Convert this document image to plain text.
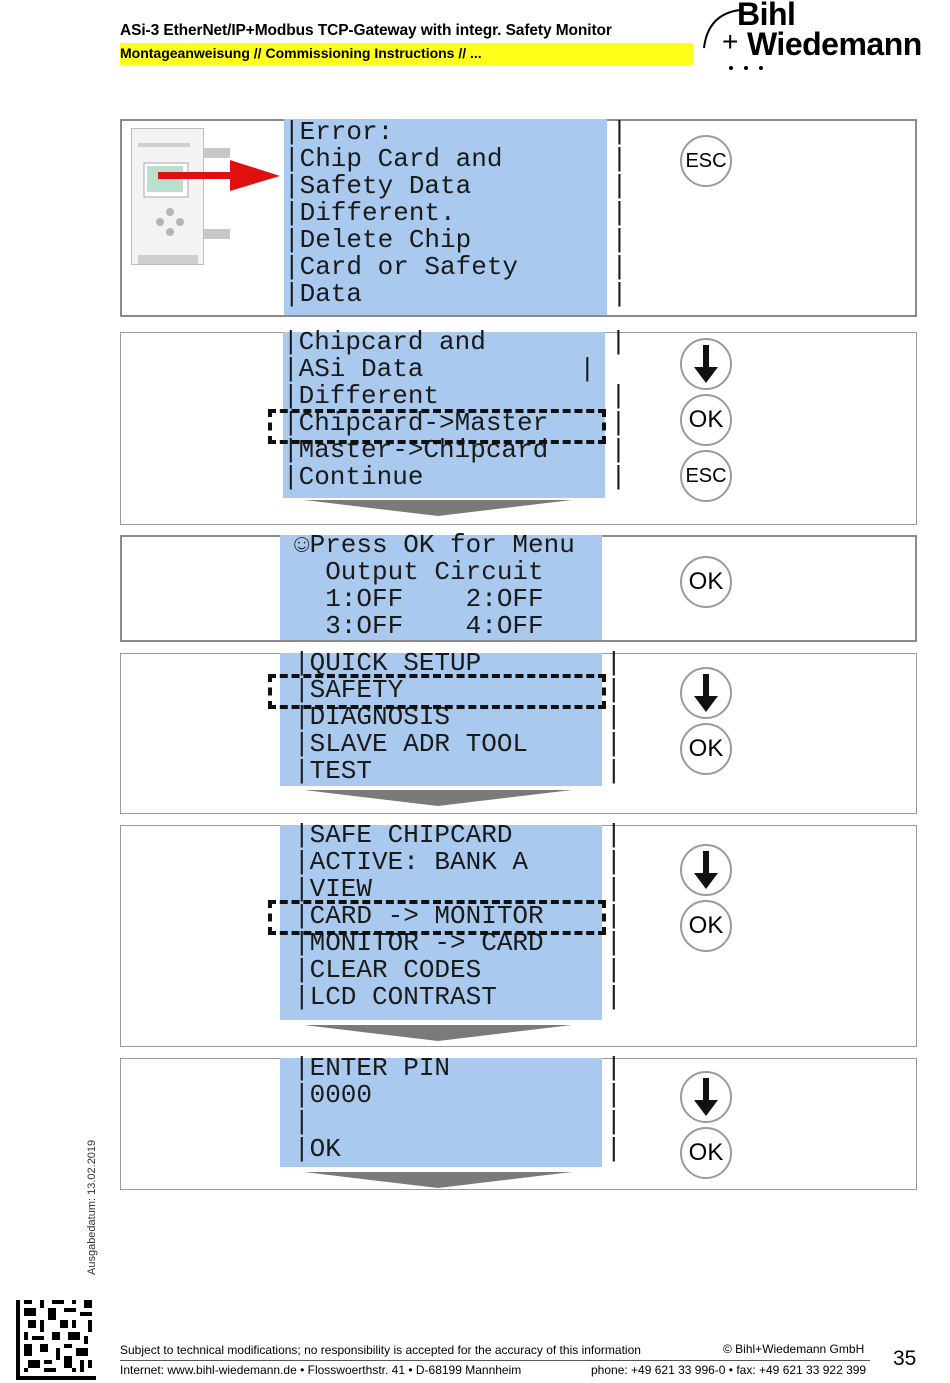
ASi-3 EtherNet/IP+Modbus TCP-Gateway with integr. Safety Monitor
Montageanweisung // Commissioning Instructions // ...
Bihl
+ Wiedemann
|Error:              |
|Chip Card and       |
|Safety Data         |
|Different.          |
|Delete Chip         |
|Card or Safety      |
|Data                |
ESC
|Chipcard and        |
|ASi Data          |
|Different           |
|Chipcard->Master    |
|Master->Chipcard    |
|Continue            |
OK
ESC
☺Press OK for Menu
Output Circuit
1:OFF    2:OFF
3:OFF    4:OFF
OK
|QUICK SETUP        |
|SAFETY             |
|DIAGNOSIS          |
|SLAVE ADR TOOL     |
|TEST               |
OK
|SAFE CHIPCARD      |
|ACTIVE: BANK A     |
|VIEW               |
|CARD -> MONITOR    |
|MONITOR -> CARD    |
|CLEAR CODES        |
|LCD CONTRAST       |
OK
|ENTER PIN          |
|0000               |
|                   |
|OK                 |	OK
Ausgabedatum: 13.02.2019
Subject to technical modifications; no responsibility is accepted for the accuracy of this information	© Bihl+Wiedemann GmbH
Internet: www.bihl-wiedemann.de • Flosswoerthstr. 41 • D-68199 Mannheim	phone: +49 621 33 996-0 • fax: +49 621 33 922 399 35
